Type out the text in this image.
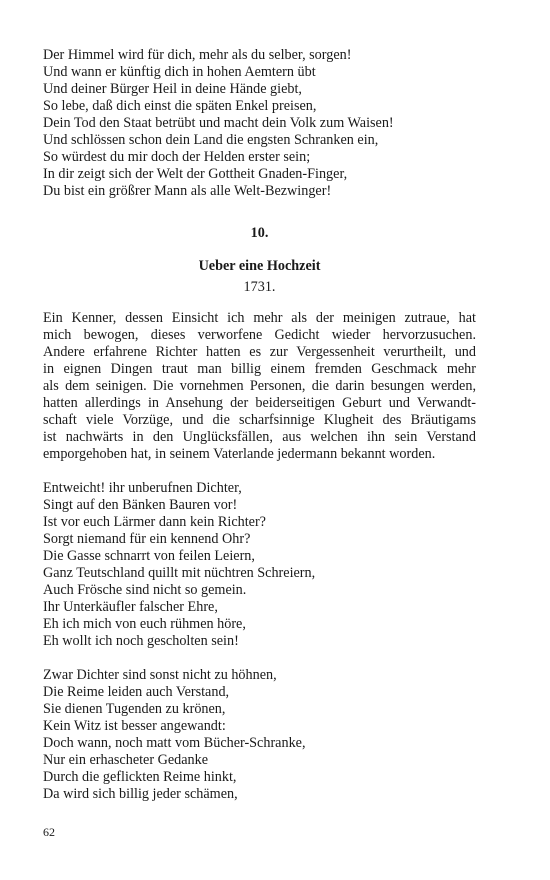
Der Himmel wird für dich, mehr als du selber, sorgen!
Und wann er künftig dich in hohen Aemtern übt
Und deiner Bürger Heil in deine Hände giebt,
So lebe, daß dich einst die späten Enkel preisen,
Dein Tod den Staat betrübt und macht dein Volk zum Waisen!
Und schlössen schon dein Land die engsten Schranken ein,
So würdest du mir doch der Helden erster sein;
In dir zeigt sich der Welt der Gottheit Gnaden-Finger,
Du bist ein größrer Mann als alle Welt-Bezwinger!
10.
Ueber eine Hochzeit
1731.
Ein Kenner, dessen Einsicht ich mehr als der meinigen zutraue, hat
mich bewogen, dieses verworfene Gedicht wieder hervorzusuchen.
Andere erfahrene Richter hatten es zur Vergessenheit verurtheilt, und
in eignen Dingen traut man billig einem fremden Geschmack mehr
als dem seinigen. Die vornehmen Personen, die darin besungen werden,
hatten allerdings in Ansehung der beiderseitigen Geburt und Verwandt-
schaft viele Vorzüge, und die scharfsinnige Klugheit des Bräutigams
ist nachwärts in den Unglücksfällen, aus welchen ihn sein Verstand
emporgehoben hat, in seinem Vaterlande jedermann bekannt worden.
Entweicht! ihr unberufnen Dichter,
Singt auf den Bänken Bauren vor!
Ist vor euch Lärmer dann kein Richter?
Sorgt niemand für ein kennend Ohr?
Die Gasse schnarrt von feilen Leiern,
Ganz Teutschland quillt mit nüchtren Schreiern,
Auch Frösche sind nicht so gemein.
Ihr Unterkäufler falscher Ehre,
Eh ich mich von euch rühmen höre,
Eh wollt ich noch gescholten sein!
Zwar Dichter sind sonst nicht zu höhnen,
Die Reime leiden auch Verstand,
Sie dienen Tugenden zu krönen,
Kein Witz ist besser angewandt:
Doch wann, noch matt vom Bücher-Schranke,
Nur ein erhascheter Gedanke
Durch die geflickten Reime hinkt,
Da wird sich billig jeder schämen,
62
